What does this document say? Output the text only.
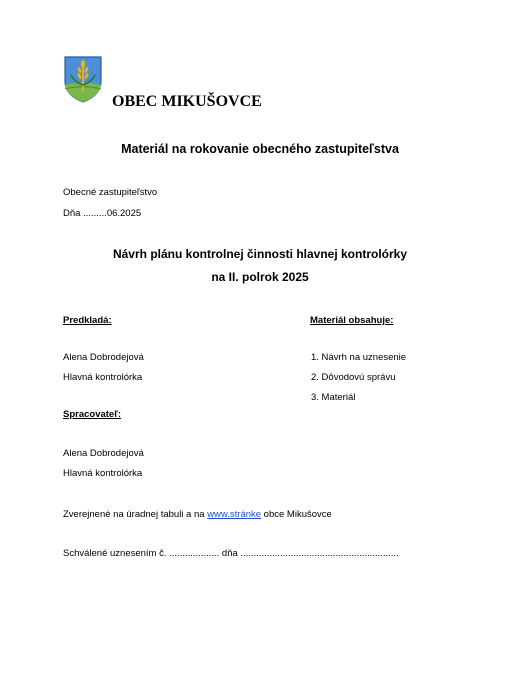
OBEC MIKUŠOVCE
Materiál na rokovanie obecného zastupiteľstva
Obecné zastupiteľstvo
Dňa .........06.2025
Návrh plánu kontrolnej činnosti hlavnej kontrolórky
na II. polrok 2025
Predkladá:	Materiál obsahuje:
Alena Dobrodejová
Hlavná kontrolórka
1. Návrh na uznesenie
2. Dôvodovú správu
3. Materiál
Spracovateľ:
Alena Dobrodejová
Hlavná kontrolórka
Zverejnené na úradnej tabuli a na www.stránke obce Mikušovce
Schválené uznesením č. ................... dňa ............................................................
